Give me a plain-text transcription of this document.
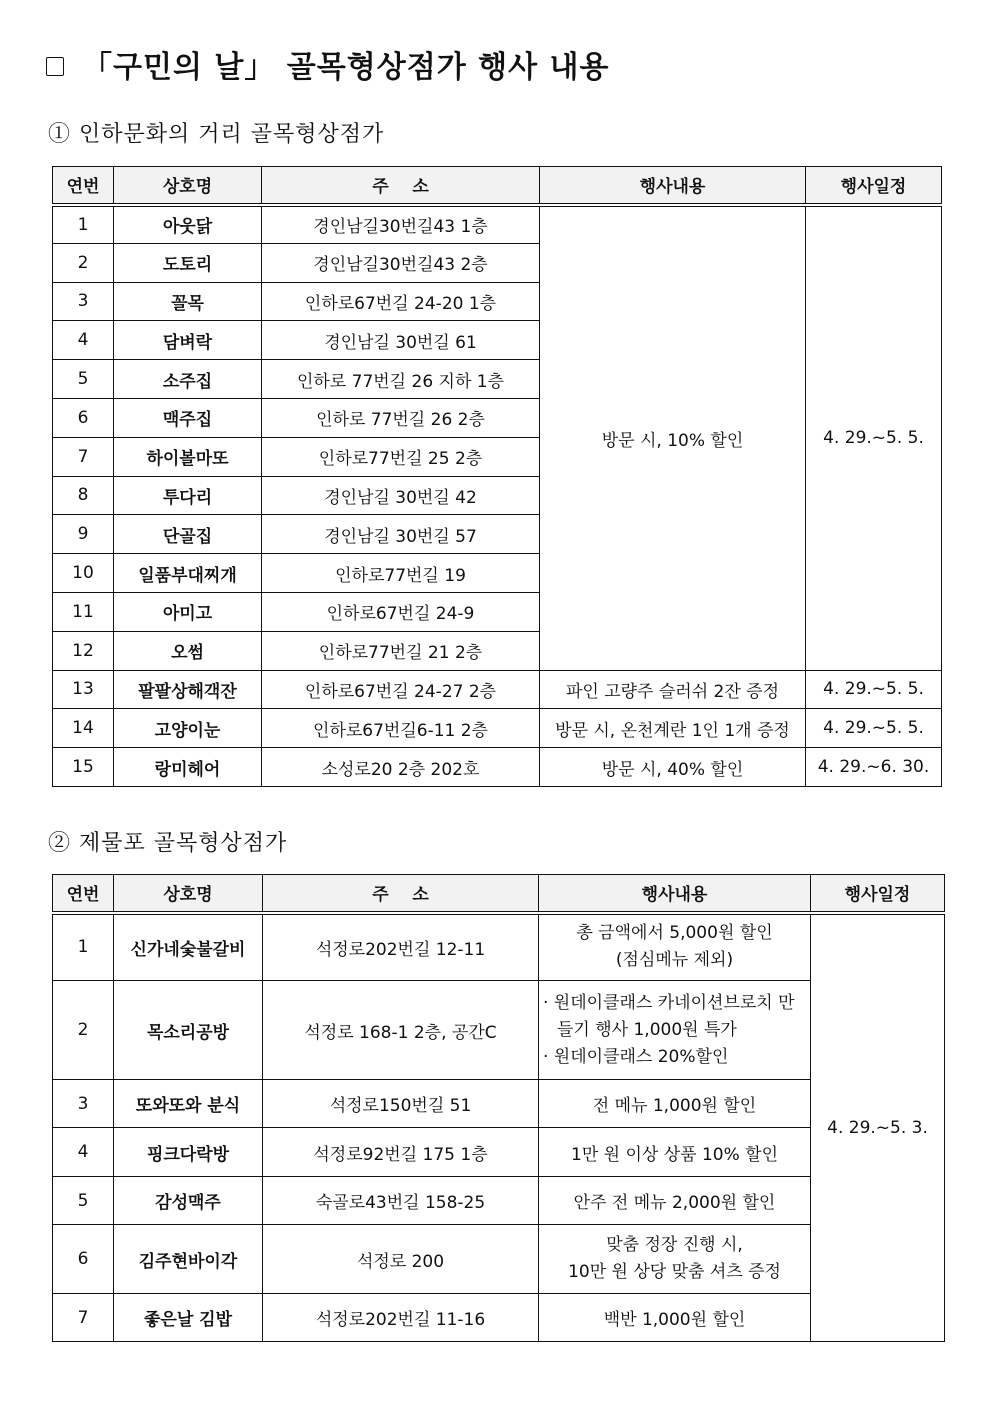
「구민의 날」 골목형상점가 행사 내용
① 인하문화의 거리 골목형상점가
연번	상호명	주    소	행사내용	행사일정
1	아웃닭	경인남길30번길43 1층	방문 시, 10% 할인	4. 29.~5. 5.
2	도토리	경인남길30번길43 2층		
3	꼴목	인하로67번길 24-20 1층		
4	담벼락	경인남길 30번길 61		
5	소주집	인하로 77번길 26 지하 1층		
6	맥주집	인하로 77번길 26 2층		
7	하이볼마또	인하로77번길 25 2층		
8	투다리	경인남길 30번길 42		
9	단골집	경인남길 30번길 57		
10	일품부대찌개	인하로77번길 19		
11	아미고	인하로67번길 24-9		
12	오썸	인하로77번길 21 2층		
13	팔팔상해객잔	인하로67번길 24-27 2층	파인 고량주 슬러쉬 2잔 증정	4. 29.~5. 5.
14	고양이눈	인하로67번길6-11 2층	방문 시, 온천계란 1인 1개 증정	4. 29.~5. 5.
15	랑미헤어	소성로20 2층 202호	방문 시, 40% 할인	4. 29.~6. 30.
② 제물포 골목형상점가
연번	상호명	주    소	행사내용	행사일정
1	신가네숯불갈비	석정로202번길 12-11	총 금액에서 5,000원 할인
(점심메뉴 제외)	4. 29.~5. 3.
2	목소리공방	석정로 168-1 2층, 공간C	· 원데이클래스 카네이션브로치 만들기 행사 1,000원 특가
· 원데이클래스 20%할인	

3	또와또와 분식	석정로150번길 51	전 메뉴 1,000원 할인	
4	핑크다락방	석정로92번길 175 1층	1만 원 이상 상품 10% 할인	
5	감성맥주	숙골로43번길 158-25	안주 전 메뉴 2,000원 할인	
6	김주현바이각	석정로 200	맞춤 정장 진행 시,
10만 원 상당 맞춤 셔츠 증정	

7	좋은날 김밥	석정로202번길 11-16	백반 1,000원 할인	
